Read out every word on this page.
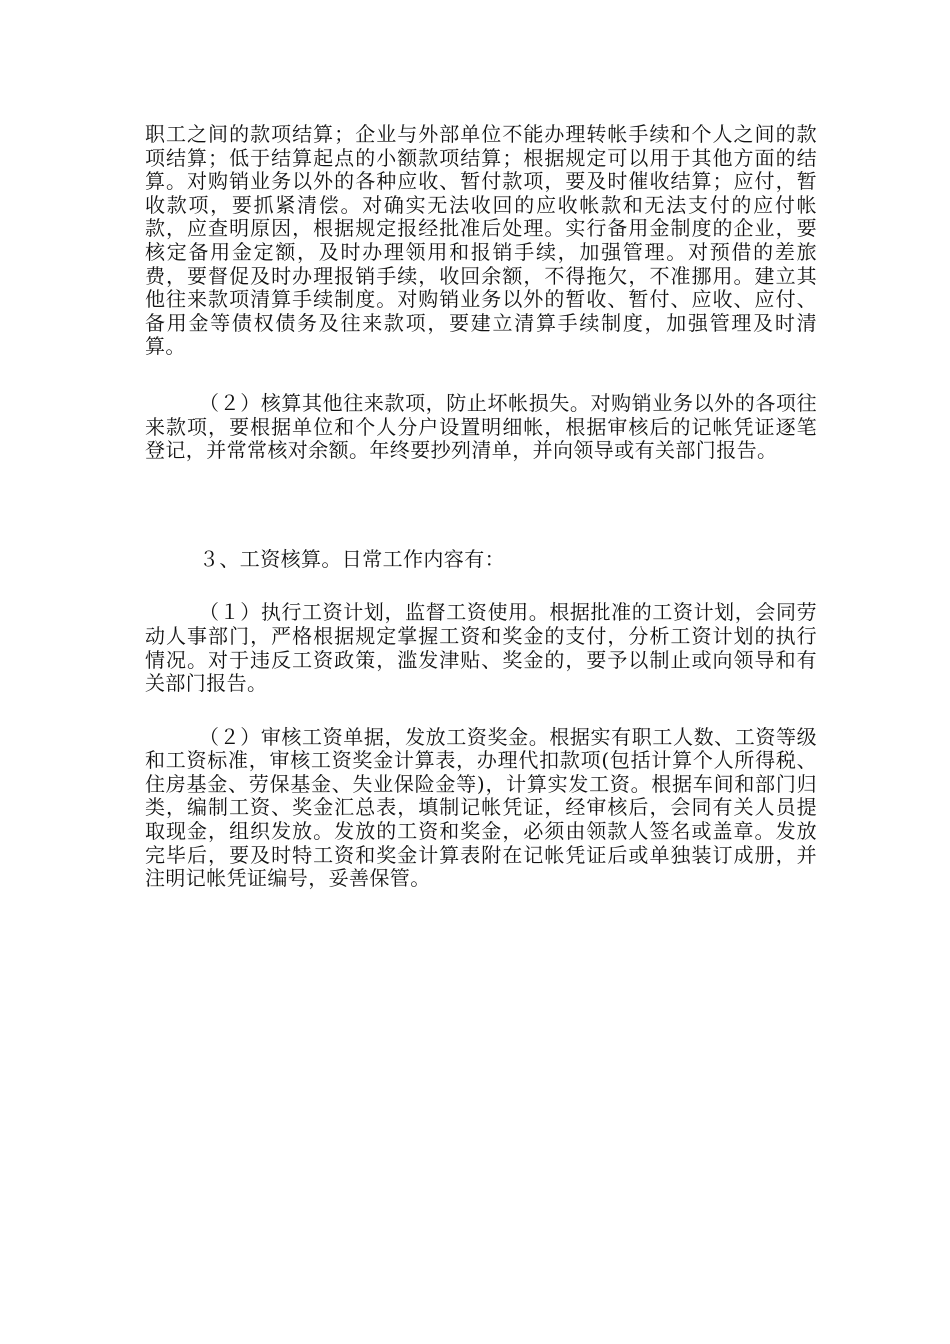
职工之间的款项结算；企业与外部单位不能办理转帐手续和个人之间的款项结算；低于结算起点的小额款项结算；根据规定可以用于其他方面的结算。对购销业务以外的各种应收、暂付款项，要及时催收结算；应付，暂收款项，要抓紧清偿。对确实无法收回的应收帐款和无法支付的应付帐款，应查明原因，根据规定报经批准后处理。实行备用金制度的企业，要核定备用金定额，及时办理领用和报销手续，加强管理。对预借的差旅费，要督促及时办理报销手续，收回余额，不得拖欠，不准挪用。建立其他往来款项清算手续制度。对购销业务以外的暂收、暂付、应收、应付、备用金等债权债务及往来款项，要建立清算手续制度，加强管理及时清算。

（２）核算其他往来款项，防止坏帐损失。对购销业务以外的各项往来款项，要根据单位和个人分户设置明细帐，根据审核后的记帐凭证逐笔登记，并常常核对余额。年终要抄列清单，并向领导或有关部门报告。

３、工资核算。日常工作内容有：

（１）执行工资计划，监督工资使用。根据批准的工资计划，会同劳动人事部门，严格根据规定掌握工资和奖金的支付，分析工资计划的执行情况。对于违反工资政策，滥发津贴、奖金的，要予以制止或向领导和有关部门报告。

（２）审核工资单据，发放工资奖金。根据实有职工人数、工资等级和工资标准，审核工资奖金计算表，办理代扣款项(包括计算个人所得税、住房基金、劳保基金、失业保险金等)，计算实发工资。根据车间和部门归类，编制工资、奖金汇总表，填制记帐凭证，经审核后，会同有关人员提取现金，组织发放。发放的工资和奖金，必须由领款人签名或盖章。发放完毕后，要及时特工资和奖金计算表附在记帐凭证后或单独装订成册，并注明记帐凭证编号，妥善保管。
